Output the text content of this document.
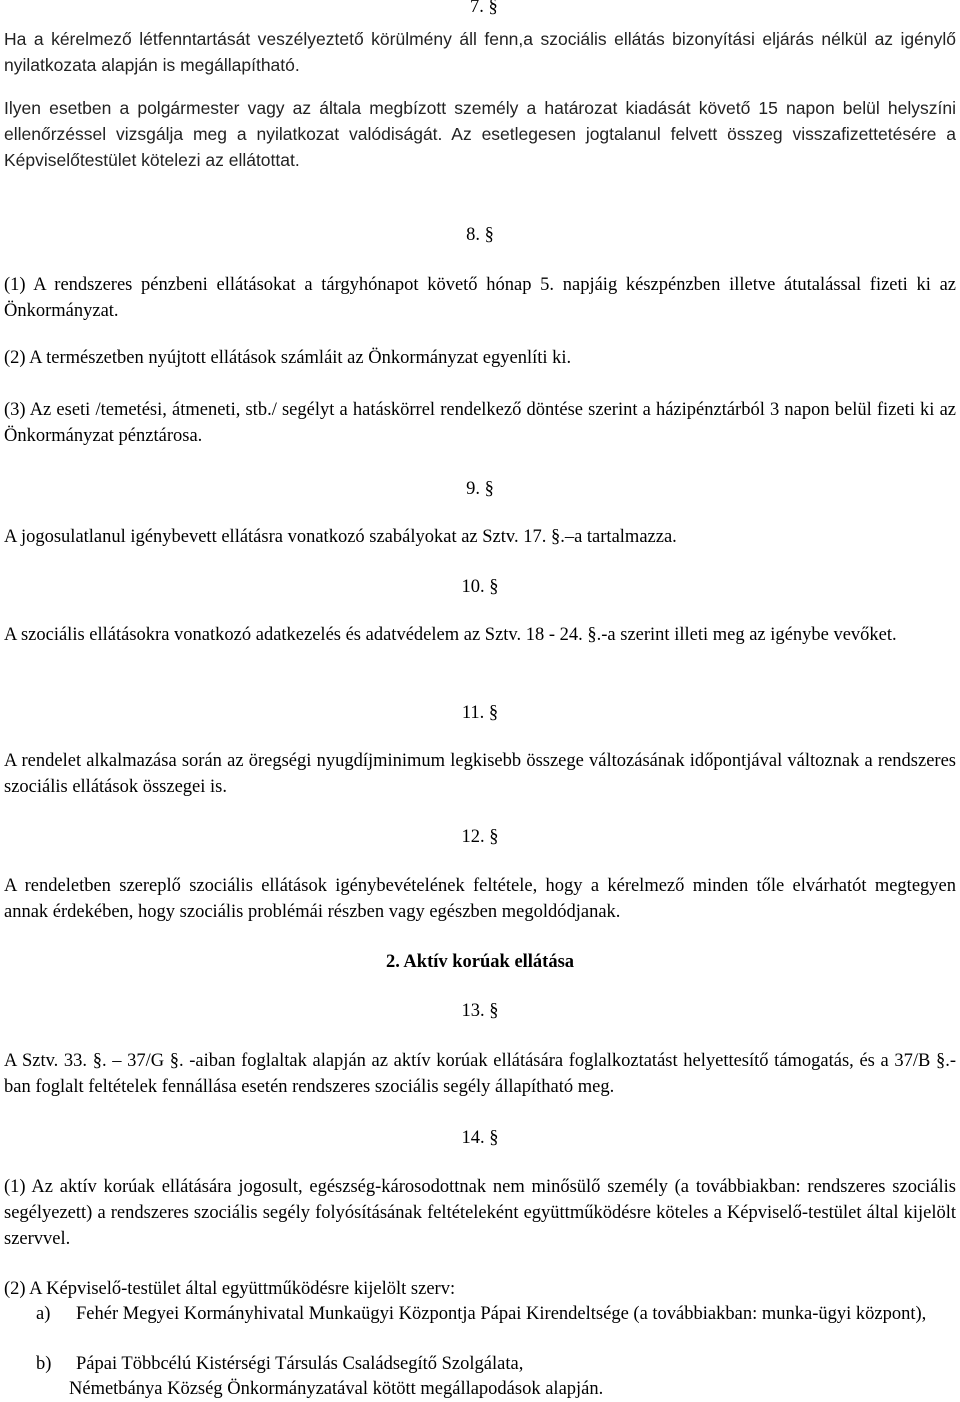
7. §

Ha a kérelmező létfenntartását veszélyeztető körülmény áll fenn,a szociális ellátás bizonyítási eljárás nélkül az igénylő nyilatkozata alapján is megállapítható.

Ilyen esetben a polgármester vagy az általa megbízott személy a határozat kiadását követő 15 napon belül helyszíni ellenőrzéssel vizsgálja meg a nyilatkozat valódiságát. Az esetlegesen jogtalanul felvett összeg visszafizettetésére a Képviselőtestület kötelezi az ellátottat.

8. §

(1) A rendszeres pénzbeni ellátásokat a tárgyhónapot követő hónap 5. napjáig készpénzben illetve átutalással fizeti ki az Önkormányzat.

(2) A természetben nyújtott ellátások számláit az Önkormányzat egyenlíti ki.

(3) Az eseti /temetési, átmeneti, stb./ segélyt a hatáskörrel rendelkező döntése szerint a házipénztárból 3 napon belül fizeti ki az Önkormányzat pénztárosa.

9. §

A jogosulatlanul igénybevett ellátásra vonatkozó szabályokat az Sztv. 17. §.–a tartalmazza.

10. §

A szociális ellátásokra vonatkozó adatkezelés és adatvédelem az Sztv. 18 - 24. §.-a szerint illeti meg az igénybe vevőket.

11. §

A rendelet alkalmazása során az öregségi nyugdíjminimum legkisebb összege változásának időpontjával változnak a rendszeres szociális ellátások összegei is.

12. §

A rendeletben szereplő szociális ellátások igénybevételének feltétele, hogy a kérelmező minden tőle elvárhatót megtegyen annak érdekében, hogy szociális problémái részben vagy egészben megoldódjanak.

2. Aktív korúak ellátása
13. §

A Sztv. 33. §. – 37/G §. -aiban foglaltak alapján az aktív korúak ellátására foglalkoztatást helyettesítő támogatás, és a 37/B §.-ban foglalt feltételek fennállása esetén rendszeres szociális segély állapítható meg.

14. §

(1) Az aktív korúak ellátására jogosult, egészség-károsodottnak nem minősülő személy (a továbbiakban: rendszeres szociális segélyezett) a rendszeres szociális segély folyósításának feltételeként együttműködésre köteles a Képviselő-testület által kijelölt szervvel.

(2) A Képviselő-testület által együttműködésre kijelölt szerv:

a) Fehér Megyei Kormányhivatal Munkaügyi Központja Pápai Kirendeltsége (a továbbiakban: munka-ügyi központ),
b) Pápai Többcélú Kistérségi Társulás Családsegítő Szolgálata,
Németbánya Község Önkormányzatával kötött megállapodások alapján.
